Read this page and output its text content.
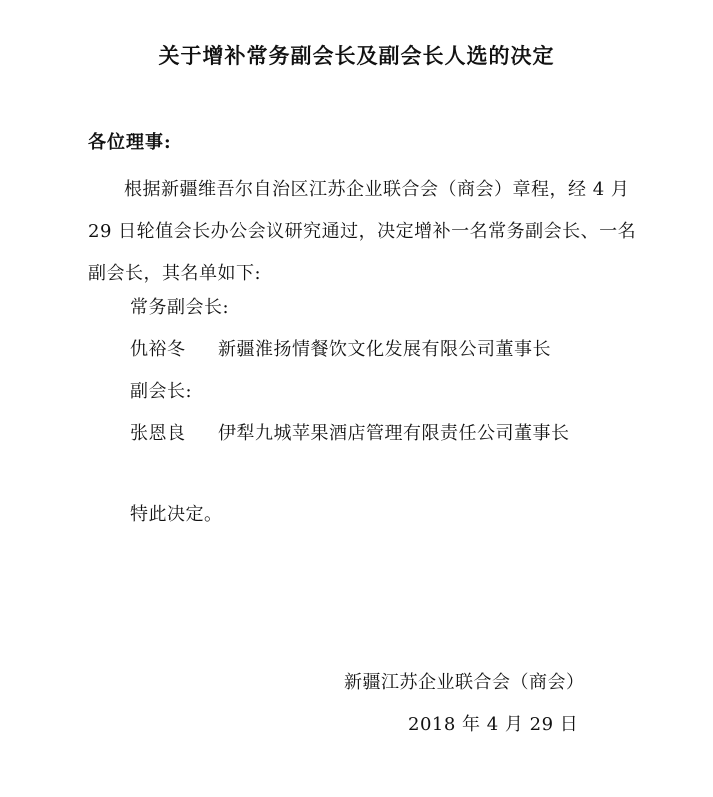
关于增补常务副会长及副会长人选的决定
各位理事:

根据新疆维吾尔自治区江苏企业联合会（商会）章程，经 4 月 29 日轮值会长办公会议研究通过，决定增补一名常务副会长、一名副会长，其名单如下:

常务副会长:
仇裕冬 新疆淮扬情餐饮文化发展有限公司董事长
副会长:
张恩良 伊犁九城苹果酒店管理有限责任公司董事长
特此决定。
新疆江苏企业联合会（商会）
2018 年 4 月 29 日
